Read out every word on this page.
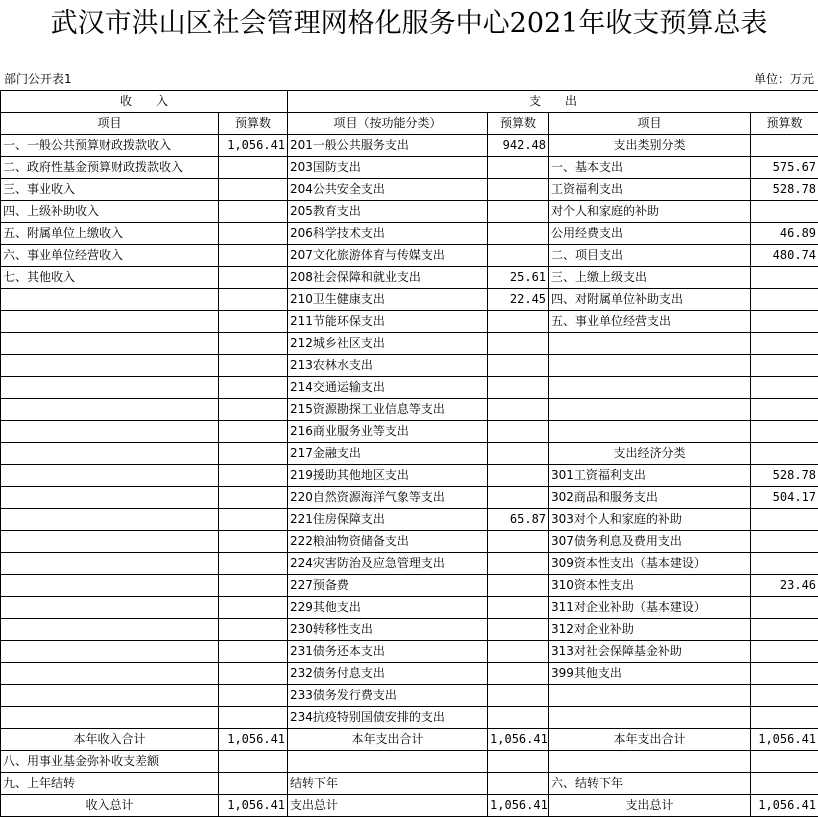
武汉市洪山区社会管理网格化服务中心2021年收支预算总表
部门公开表1	单位：万元
收　　入		支　　出			
项目	预算数	项目（按功能分类）	预算数	项目	预算数
一、一般公共预算财政拨款收入	1,056.41	201一般公共服务支出	942.48	支出类别分类	
二、政府性基金预算财政拨款收入		203国防支出		一、基本支出	575.67
三、事业收入		204公共安全支出		工资福利支出	528.78
四、上级补助收入		205教育支出		对个人和家庭的补助	
五、附属单位上缴收入		206科学技术支出		公用经费支出	46.89
六、事业单位经营收入		207文化旅游体育与传媒支出		二、项目支出	480.74
七、其他收入		208社会保障和就业支出	25.61	三、上缴上级支出	
		210卫生健康支出	22.45	四、对附属单位补助支出	
		211节能环保支出		五、事业单位经营支出	
		212城乡社区支出			
		213农林水支出			
		214交通运输支出			
		215资源勘探工业信息等支出			
		216商业服务业等支出			
		217金融支出		支出经济分类	
		219援助其他地区支出		301工资福利支出	528.78
		220自然资源海洋气象等支出		302商品和服务支出	504.17
		221住房保障支出	65.87	303对个人和家庭的补助	
		222粮油物资储备支出		307债务利息及费用支出	
		224灾害防治及应急管理支出		309资本性支出（基本建设）	
		227预备费		310资本性支出	23.46
		229其他支出		311对企业补助（基本建设）	
		230转移性支出		312对企业补助	
		231债务还本支出		313对社会保障基金补助	
		232债务付息支出		399其他支出	
		233债务发行费支出			
		234抗疫特别国债安排的支出			
本年收入合计	1,056.41	本年支出合计	1,056.41	本年支出合计	1,056.41
八、用事业基金弥补收支差额					
九、上年结转		结转下年		六、结转下年	
收入总计	1,056.41	支出总计	1,056.41	支出总计	1,056.41
